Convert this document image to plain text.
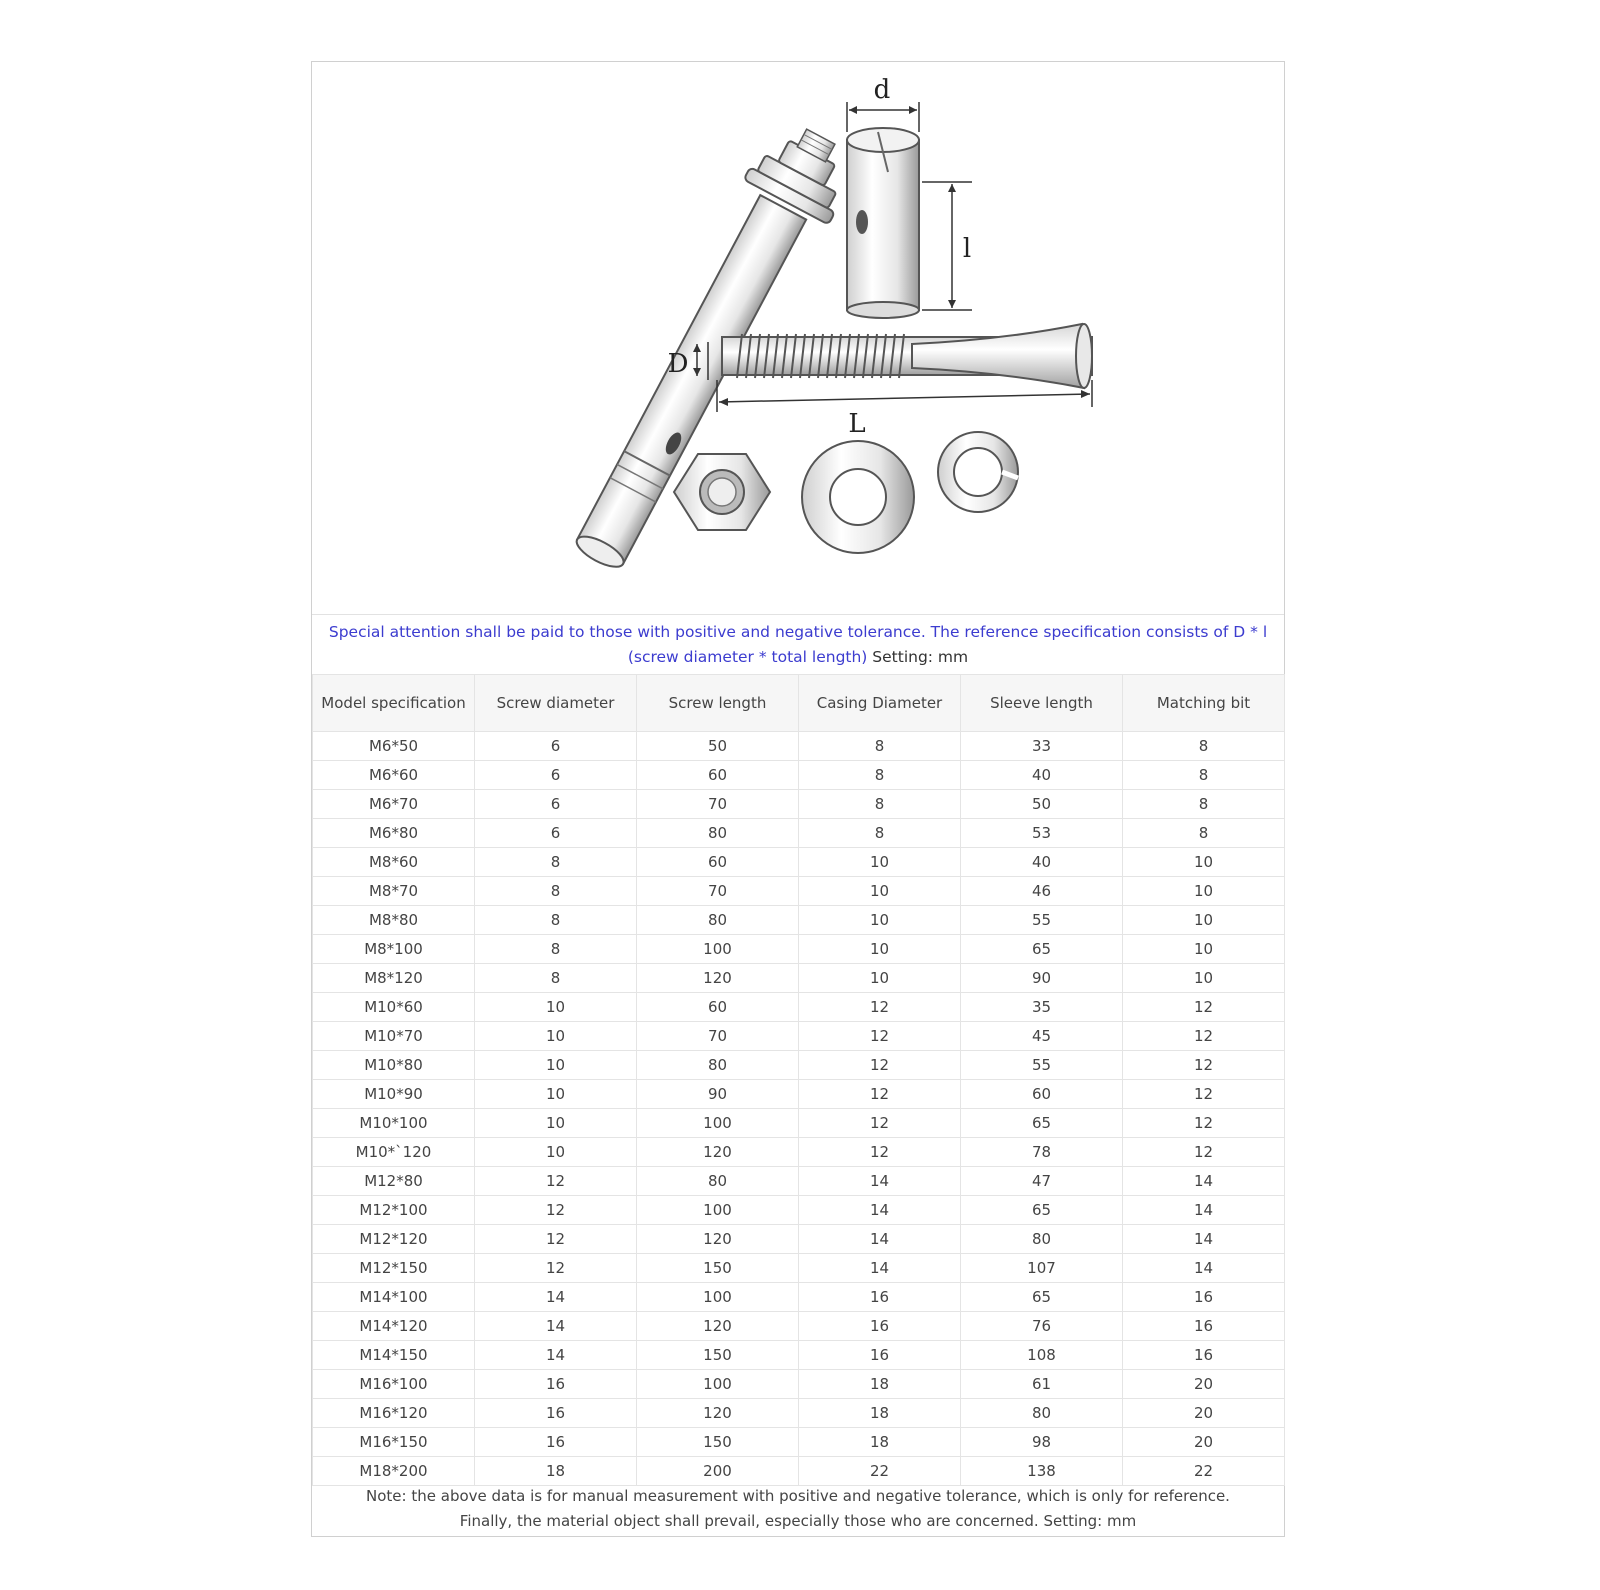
d
l
D
L
Special attention shall be paid to those with positive and negative tolerance. The reference specification consists of D * l (screw diameter * total length) Setting: mm
Model specification	Screw diameter	Screw length	Casing Diameter	Sleeve length	Matching bit
M6*50	6	50	8	33	8
M6*60	6	60	8	40	8
M6*70	6	70	8	50	8
M6*80	6	80	8	53	8
M8*60	8	60	10	40	10
M8*70	8	70	10	46	10
M8*80	8	80	10	55	10
M8*100	8	100	10	65	10
M8*120	8	120	10	90	10
M10*60	10	60	12	35	12
M10*70	10	70	12	45	12
M10*80	10	80	12	55	12
M10*90	10	90	12	60	12
M10*100	10	100	12	65	12
M10*`120	10	120	12	78	12
M12*80	12	80	14	47	14
M12*100	12	100	14	65	14
M12*120	12	120	14	80	14
M12*150	12	150	14	107	14
M14*100	14	100	16	65	16
M14*120	14	120	16	76	16
M14*150	14	150	16	108	16
M16*100	16	100	18	61	20
M16*120	16	120	18	80	20
M16*150	16	150	18	98	20
M18*200	18	200	22	138	22
Note: the above data is for manual measurement with positive and negative tolerance, which is only for reference.
Finally, the material object shall prevail, especially those who are concerned. Setting: mm
